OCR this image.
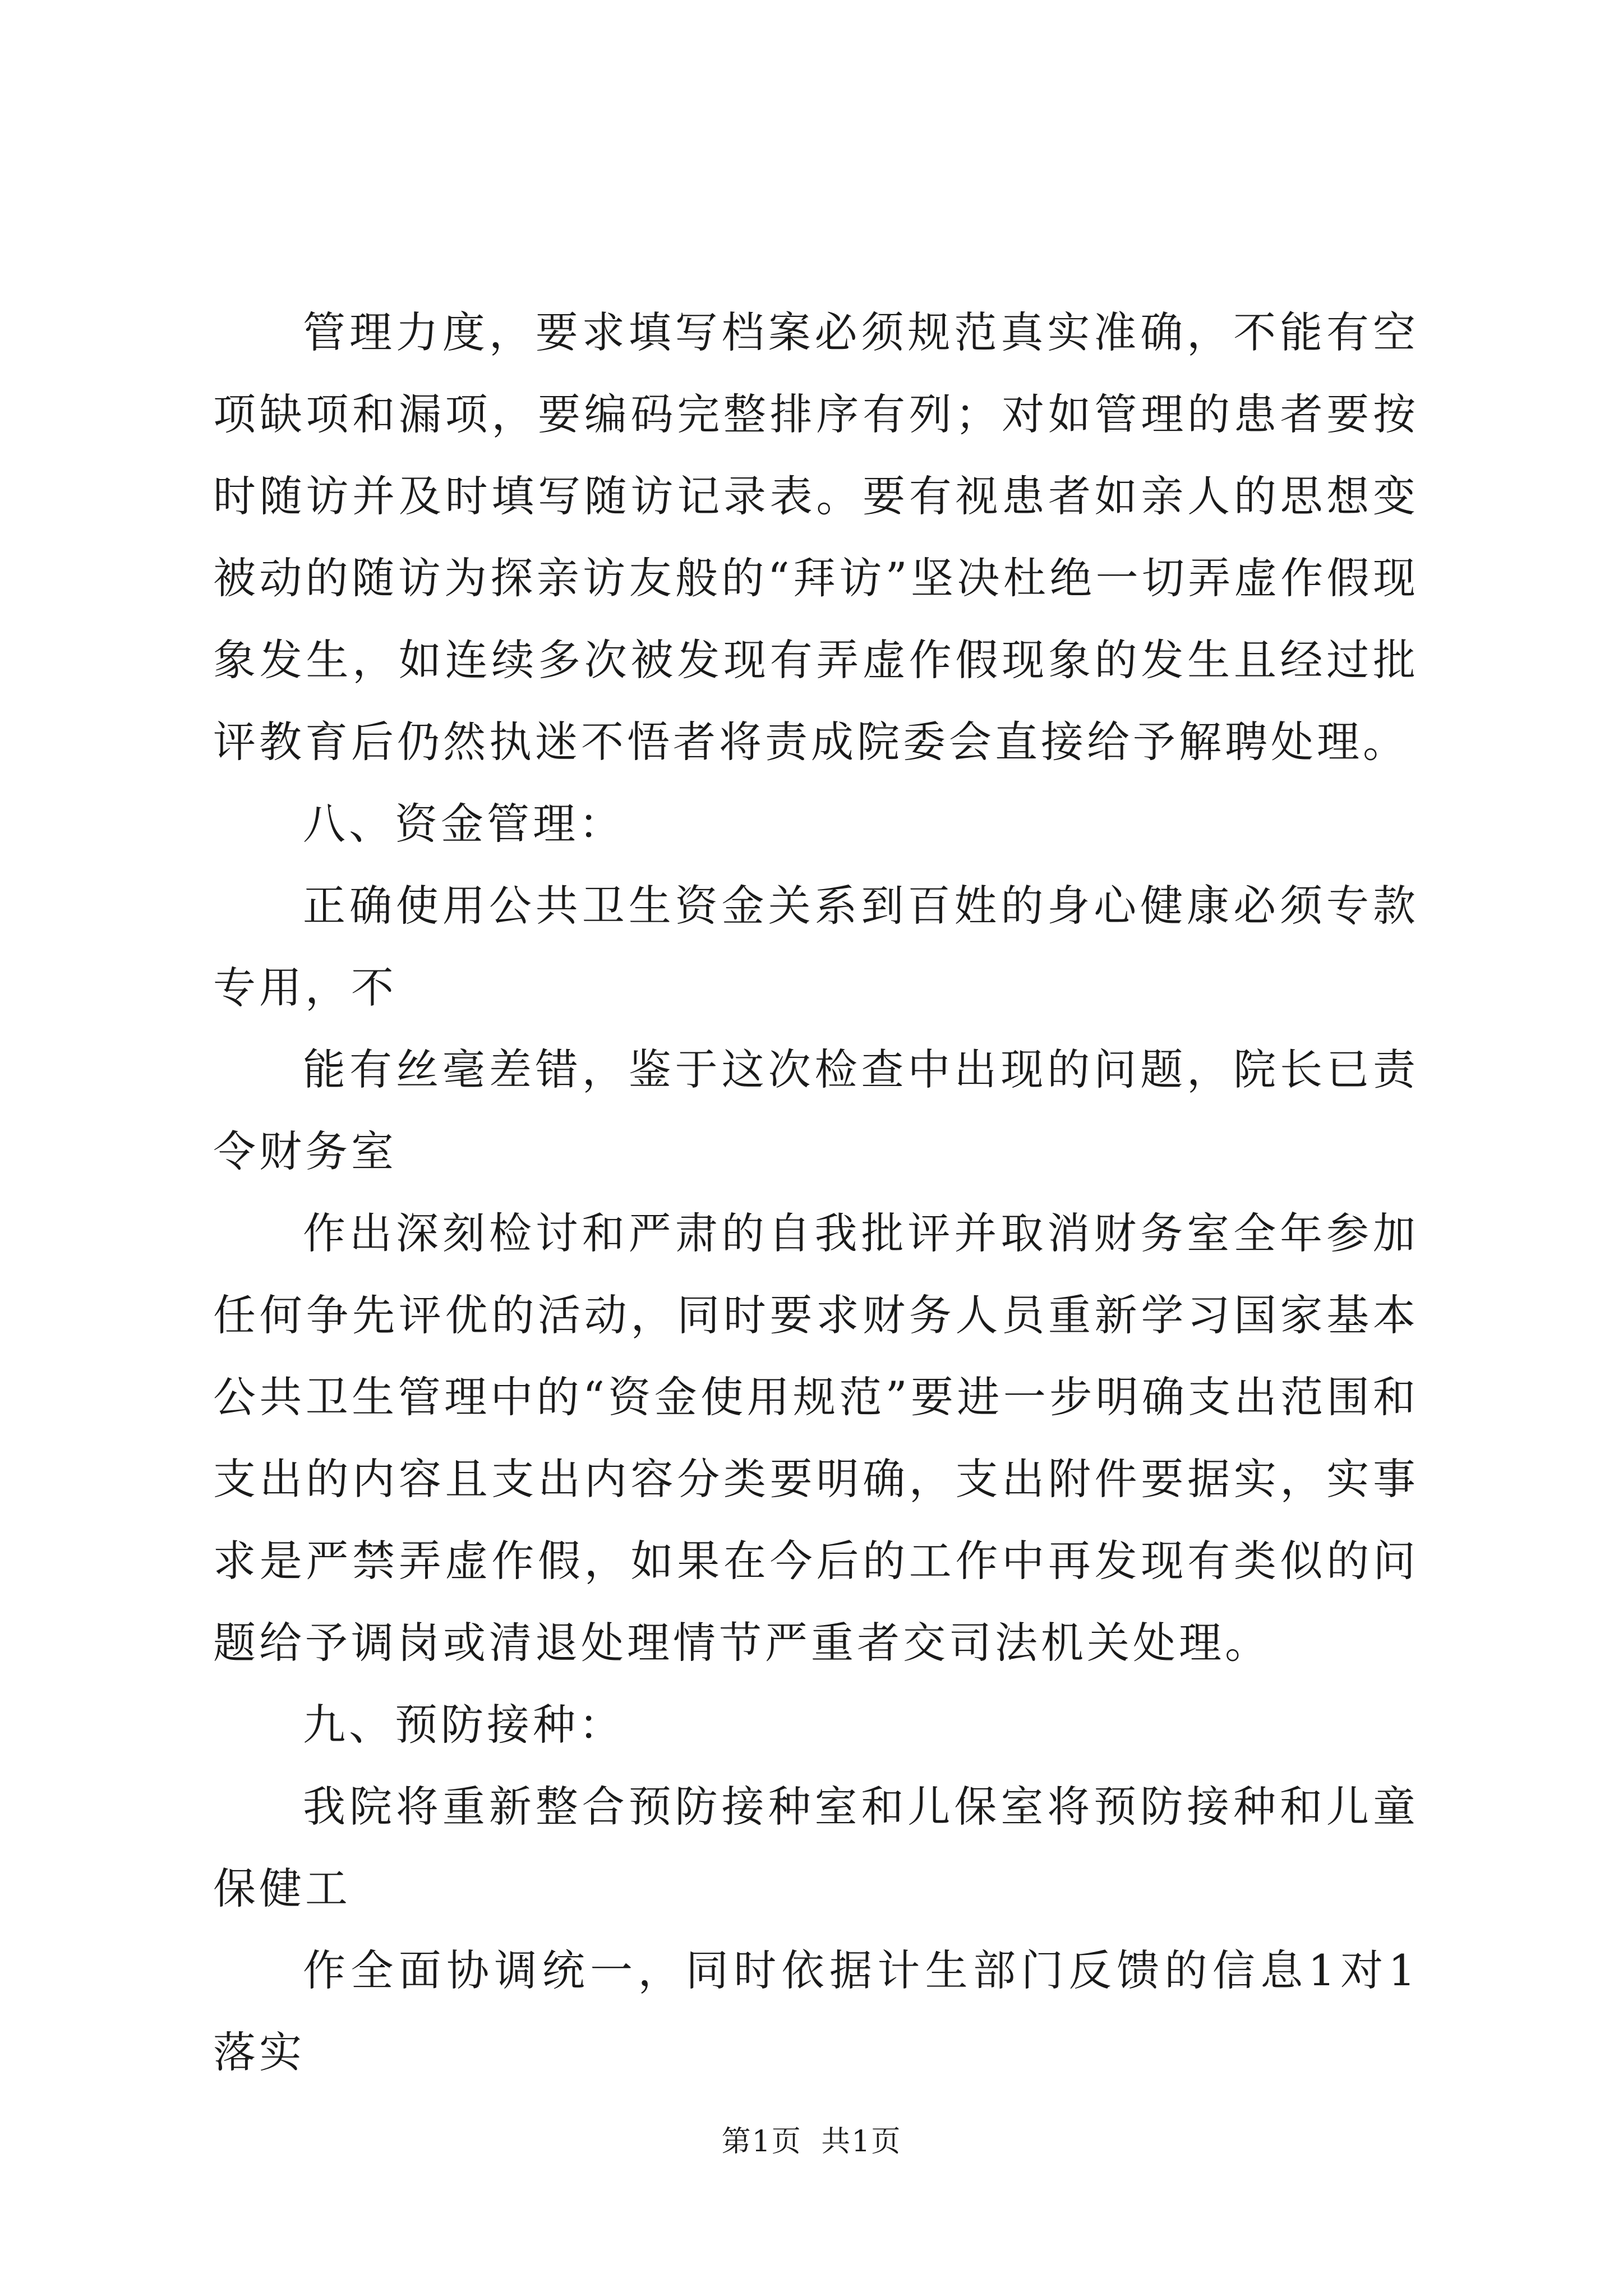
管理力度，要求填写档案必须规范真实准确，不能有空项缺项和漏项，要编码完整排序有列；对如管理的患者要按时随访并及时填写随访记录表。要有视患者如亲人的思想变被动的随访为探亲访友般的“拜访”坚决杜绝一切弄虚作假现象发生，如连续多次被发现有弄虚作假现象的发生且经过批评教育后仍然执迷不悟者将责成院委会直接给予解聘处理。

八、资金管理：

正确使用公共卫生资金关系到百姓的身心健康必须专款专用，不

能有丝毫差错，鉴于这次检查中出现的问题，院长已责令财务室

作出深刻检讨和严肃的自我批评并取消财务室全年参加任何争先评优的活动，同时要求财务人员重新学习国家基本公共卫生管理中的“资金使用规范”要进一步明确支出范围和支出的内容且支出内容分类要明确，支出附件要据实，实事求是严禁弄虚作假，如果在今后的工作中再发现有类似的问题给予调岗或清退处理情节严重者交司法机关处理。

九、预防接种：

我院将重新整合预防接种室和儿保室将预防接种和儿童保健工

作全面协调统一，同时依据计生部门反馈的信息1对1落实

第1页 共1页
